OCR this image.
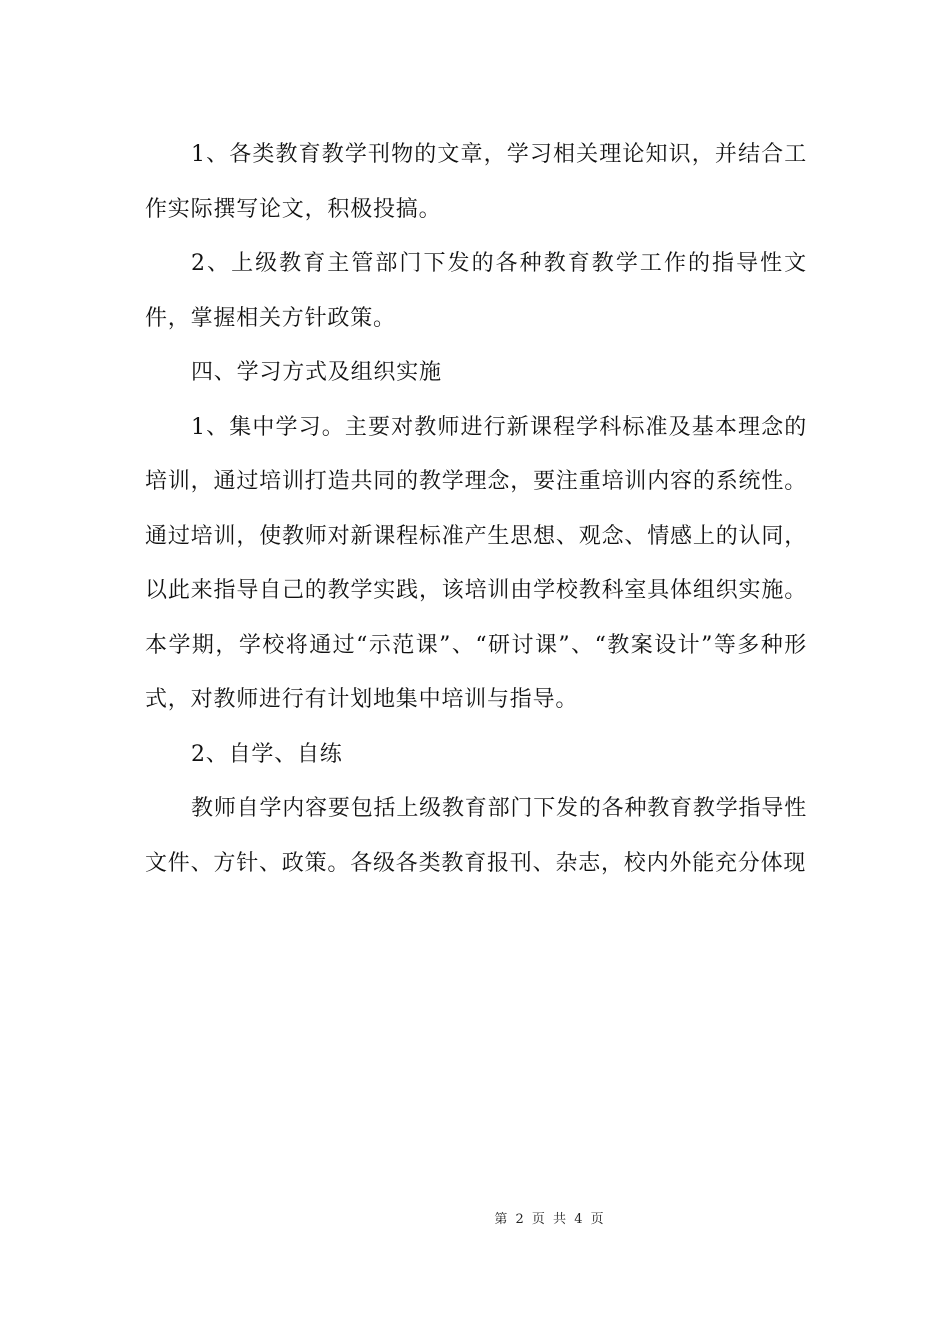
1、各类教育教学刊物的文章，学习相关理论知识，并结合工作实际撰写论文，积极投搞。

2、上级教育主管部门下发的各种教育教学工作的指导性文件，掌握相关方针政策。

四、学习方式及组织实施

1、集中学习。主要对教师进行新课程学科标准及基本理念的培训，通过培训打造共同的教学理念，要注重培训内容的系统性。通过培训，使教师对新课程标准产生思想、观念、情感上的认同，以此来指导自己的教学实践，该培训由学校教科室具体组织实施。本学期，学校将通过“示范课”、“研讨课”、“教案设计”等多种形式，对教师进行有计划地集中培训与指导。

2、自学、自练

教师自学内容要包括上级教育部门下发的各种教育教学指导性文件、方针、政策。各级各类教育报刊、杂志，校内外能充分体现

第 2 页 共 4 页
